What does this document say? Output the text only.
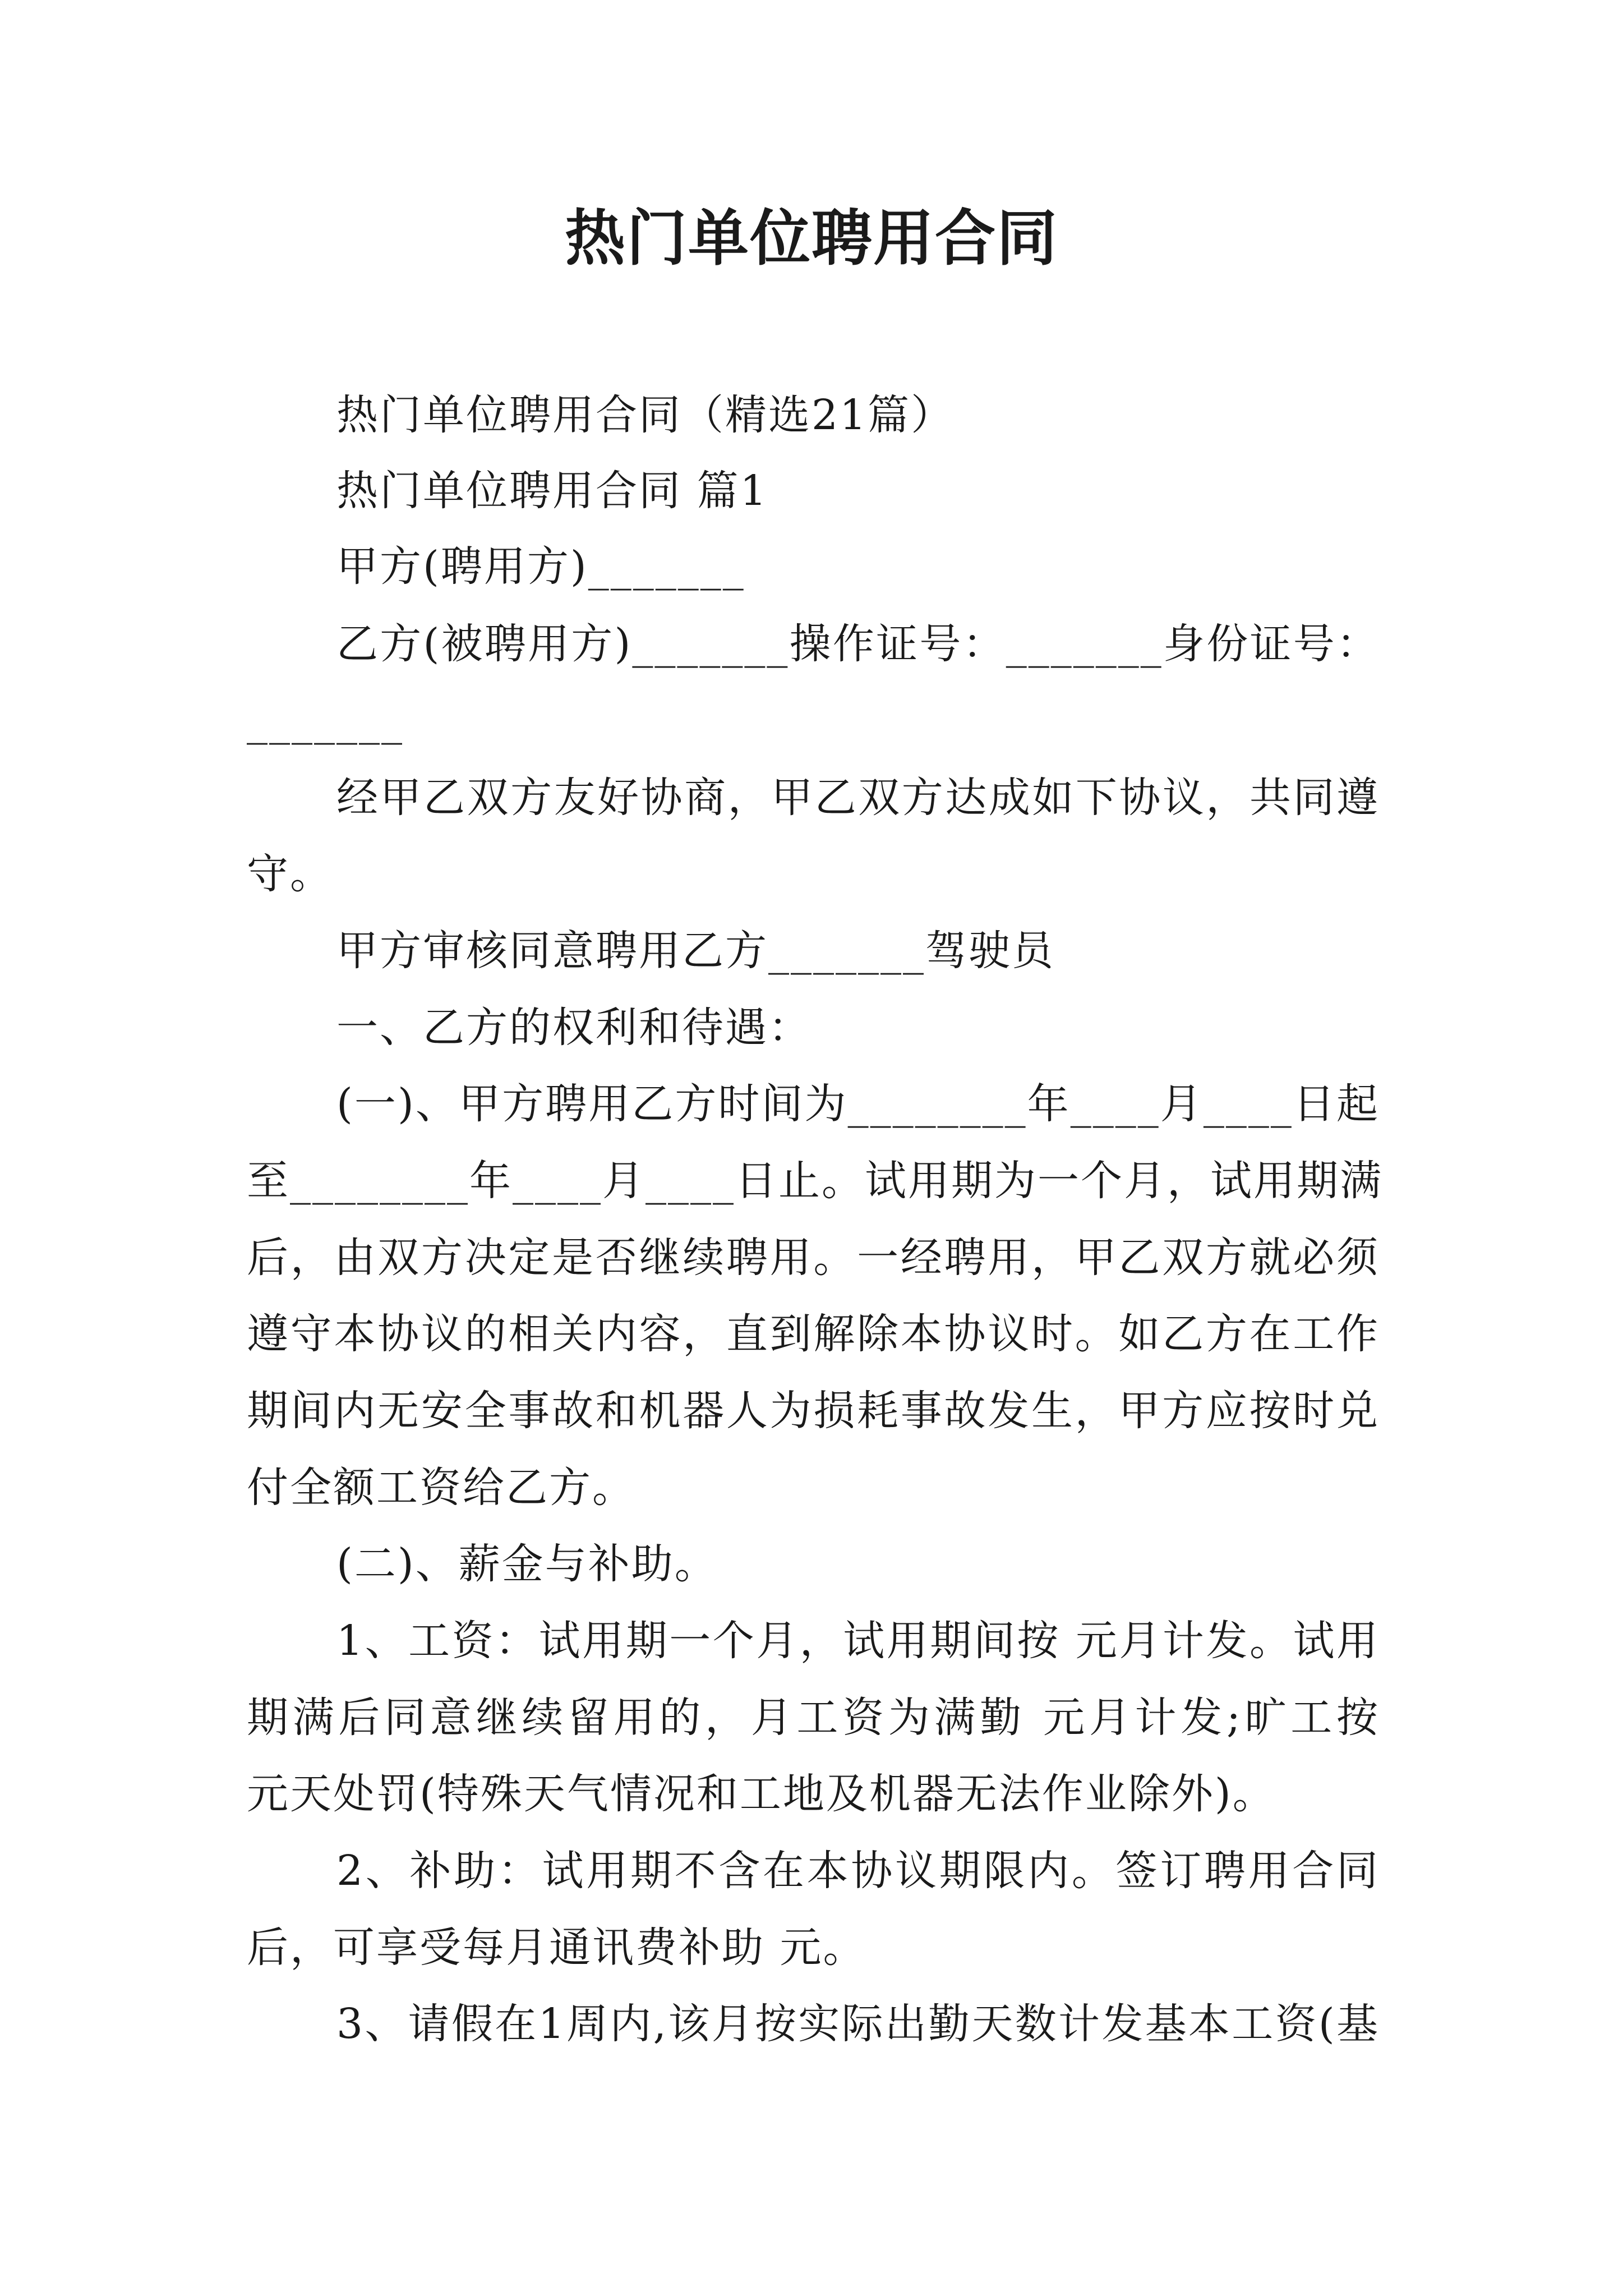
热门单位聘用合同
热门单位聘用合同（精选21篇）
热门单位聘用合同 篇1
甲方(聘用方)_______
乙方(被聘用方)_______操作证号：_______身份证号：
_______
经甲乙双方友好协商，甲乙双方达成如下协议，共同遵
守。
甲方审核同意聘用乙方_______驾驶员
一、乙方的权利和待遇：
(一)、甲方聘用乙方时间为________年____月____日起
至________年____月____日止。试用期为一个月，试用期满
后，由双方决定是否继续聘用。一经聘用，甲乙双方就必须
遵守本协议的相关内容，直到解除本协议时。如乙方在工作
期间内无安全事故和机器人为损耗事故发生，甲方应按时兑
付全额工资给乙方。
(二)、薪金与补助。
1、工资：试用期一个月，试用期间按 元月计发。试用
期满后同意继续留用的，月工资为满勤 元月计发;旷工按
元天处罚(特殊天气情况和工地及机器无法作业除外)。
2、补助：试用期不含在本协议期限内。签订聘用合同
后，可享受每月通讯费补助 元。
3、请假在1周内,该月按实际出勤天数计发基本工资(基
